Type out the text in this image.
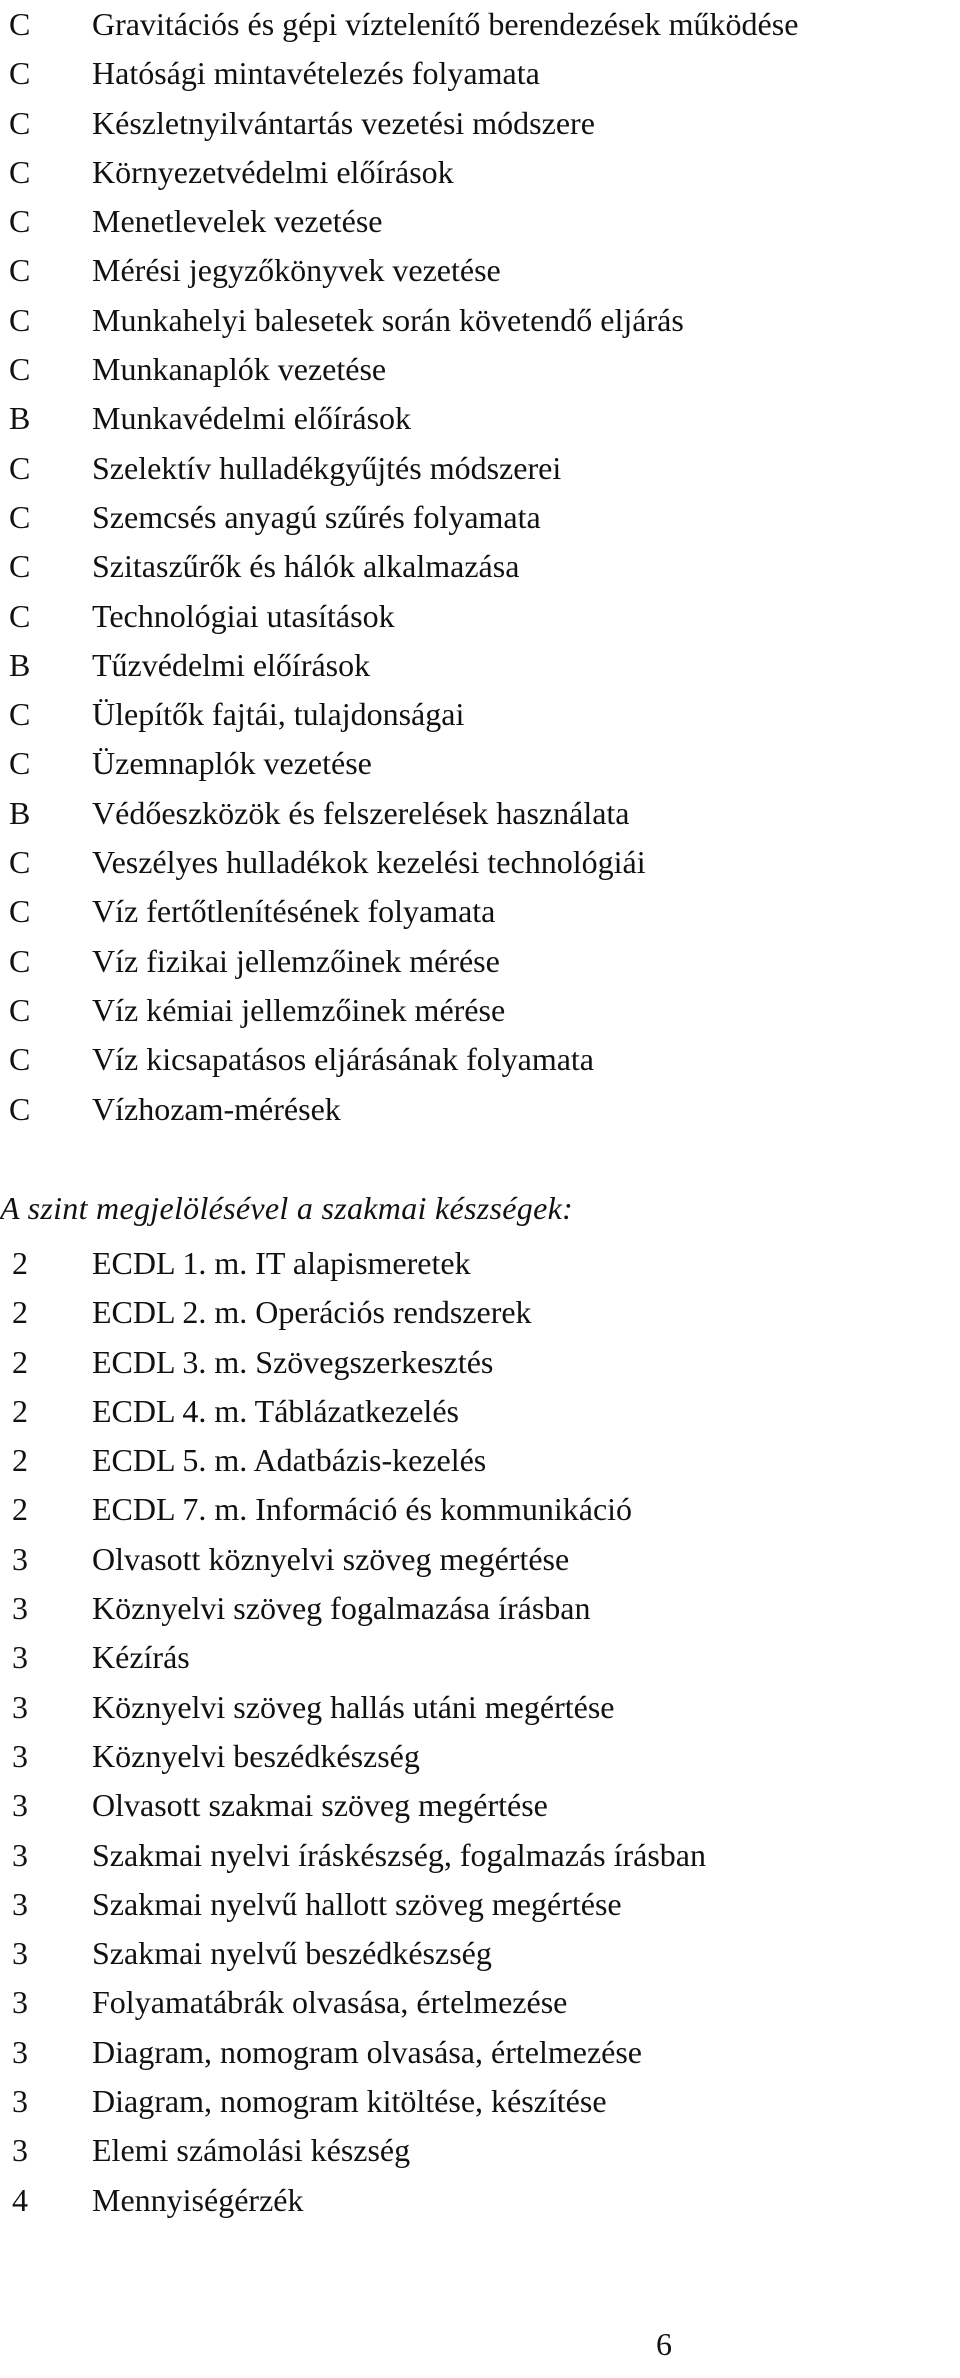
C	Gravitációs és gépi víztelenítő berendezések működése
C	Hatósági mintavételezés folyamata
C	Készletnyilvántartás vezetési módszere
C	Környezetvédelmi előírások
C	Menetlevelek vezetése
C	Mérési jegyzőkönyvek vezetése
C	Munkahelyi balesetek során követendő eljárás
C	Munkanaplók vezetése
B	Munkavédelmi előírások
C	Szelektív hulladékgyűjtés módszerei
C	Szemcsés anyagú szűrés folyamata
C	Szitaszűrők és hálók alkalmazása
C	Technológiai utasítások
B	Tűzvédelmi előírások
C	Ülepítők fajtái, tulajdonságai
C	Üzemnaplók vezetése
B	Védőeszközök és felszerelések használata
C	Veszélyes hulladékok kezelési technológiái
C	Víz fertőtlenítésének folyamata
C	Víz fizikai jellemzőinek mérése
C	Víz kémiai jellemzőinek mérése
C	Víz kicsapatásos eljárásának folyamata
C	Vízhozam-mérések
A szint megjelölésével a szakmai készségek:
2	ECDL 1. m. IT alapismeretek
2	ECDL 2. m. Operációs rendszerek
2	ECDL 3. m. Szövegszerkesztés
2	ECDL 4. m. Táblázatkezelés
2	ECDL 5. m. Adatbázis-kezelés
2	ECDL 7. m. Információ és kommunikáció
3	Olvasott köznyelvi szöveg megértése
3	Köznyelvi szöveg fogalmazása írásban
3	Kézírás
3	Köznyelvi szöveg hallás utáni megértése
3	Köznyelvi beszédkészség
3	Olvasott szakmai szöveg megértése
3	Szakmai nyelvi íráskészség, fogalmazás írásban
3	Szakmai nyelvű hallott szöveg megértése
3	Szakmai nyelvű beszédkészség
3	Folyamatábrák olvasása, értelmezése
3	Diagram, nomogram olvasása, értelmezése
3	Diagram, nomogram kitöltése, készítése
3	Elemi számolási készség
4	Mennyiségérzék
6
